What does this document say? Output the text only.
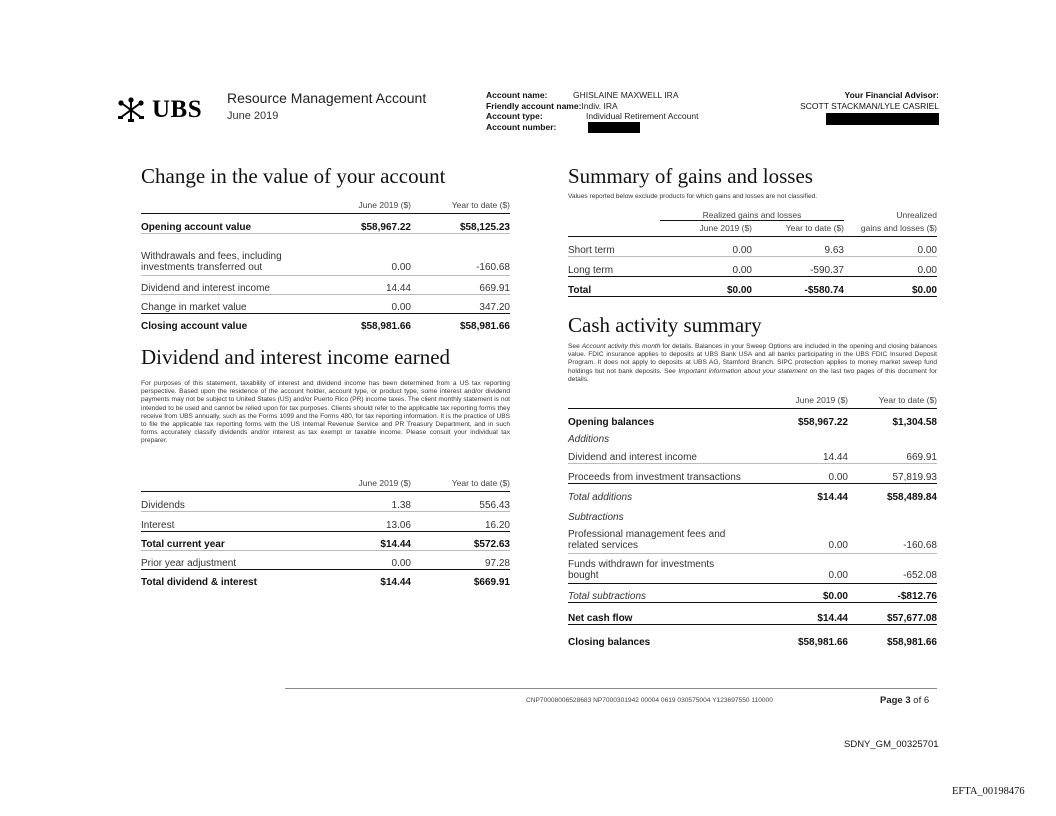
UBS Resource Management Account
June 2019
Account name:	GHISLAINE MAXWELL IRA
Friendly account name: Indiv. IRA
Account type:	Individual Retirement Account
Account number:
Your Financial Advisor:
SCOTT STACKMAN/LYLE CASRIEL
Change in the value of your account
	June 2019 ($)	Year to date ($)
Opening account value	$58,967.22	$58,125.23
Withdrawals and fees, including investments transferred out	0.00	-160.68
Dividend and interest income	14.44	669.91
Change in market value	0.00	347.20
Closing account value	$58,981.66	$58,981.66
Dividend and interest income earned
For purposes of this statement, taxability of interest and dividend income has been determined from a US tax reporting perspective. Based upon the residence of the account holder, account type, or product type, some interest and/or dividend payments may not be subject to United States (US) and/or Puerto Rico (PR) income taxes. The client monthly statement is not intended to be used and cannot be relied upon for tax purposes. Clients should refer to the applicable tax reporting forms they receive from UBS annually, such as the Forms 1099 and the Forms 480, for tax reporting information. It is the practice of UBS to file the applicable tax reporting forms with the US Internal Revenue Service and PR Treasury Department, and in such forms accurately classify dividends and/or interest as tax exempt or taxable income. Please consult your individual tax preparer.
	June 2019 ($)	Year to date ($)
Dividends	1.38	556.43
Interest	13.06	16.20
Total current year	$14.44	$572.63
Prior year adjustment	0.00	97.28
Total dividend & interest	$14.44	$669.91
Summary of gains and losses
Values reported below exclude products for which gains and losses are not classified.
	Realized gains and losses		Unrealized
	June 2019 ($)	Year to date ($)	gains and losses ($)
Short term	0.00	9.63	0.00
Long term	0.00	-590.37	0.00
Total	$0.00	-$580.74	$0.00
Cash activity summary
See Account activity this month for details. Balances in your Sweep Options are included in the opening and closing balances value. FDIC insurance applies to deposits at UBS Bank USA and all banks participating in the UBS FDIC Insured Deposit Program. It does not apply to deposits at UBS AG, Stamford Branch. SIPC protection applies to money market sweep fund holdings but not bank deposits. See Important information about your statement on the last two pages of this document for details.
	June 2019 ($)	Year to date ($)
Opening balances	$58,967.22	$1,304.58
Additions		
Dividend and interest income	14.44	669.91
Proceeds from investment transactions	0.00	57,819.93
Total additions	$14.44	$58,489.84
Subtractions		
Professional management fees and related services	0.00	-160.68
Funds withdrawn for investments bought	0.00	-652.08
Total subtractions	$0.00	-$812.76
Net cash flow	$14.44	$57,677.08
Closing balances	$58,981.66	$58,981.66
CNP70008006528683 NP7000301942 00004 0619 030575004 Y123697550 110000	Page 3 of 6
SDNY_GM_00325701
EFTA_00198476
